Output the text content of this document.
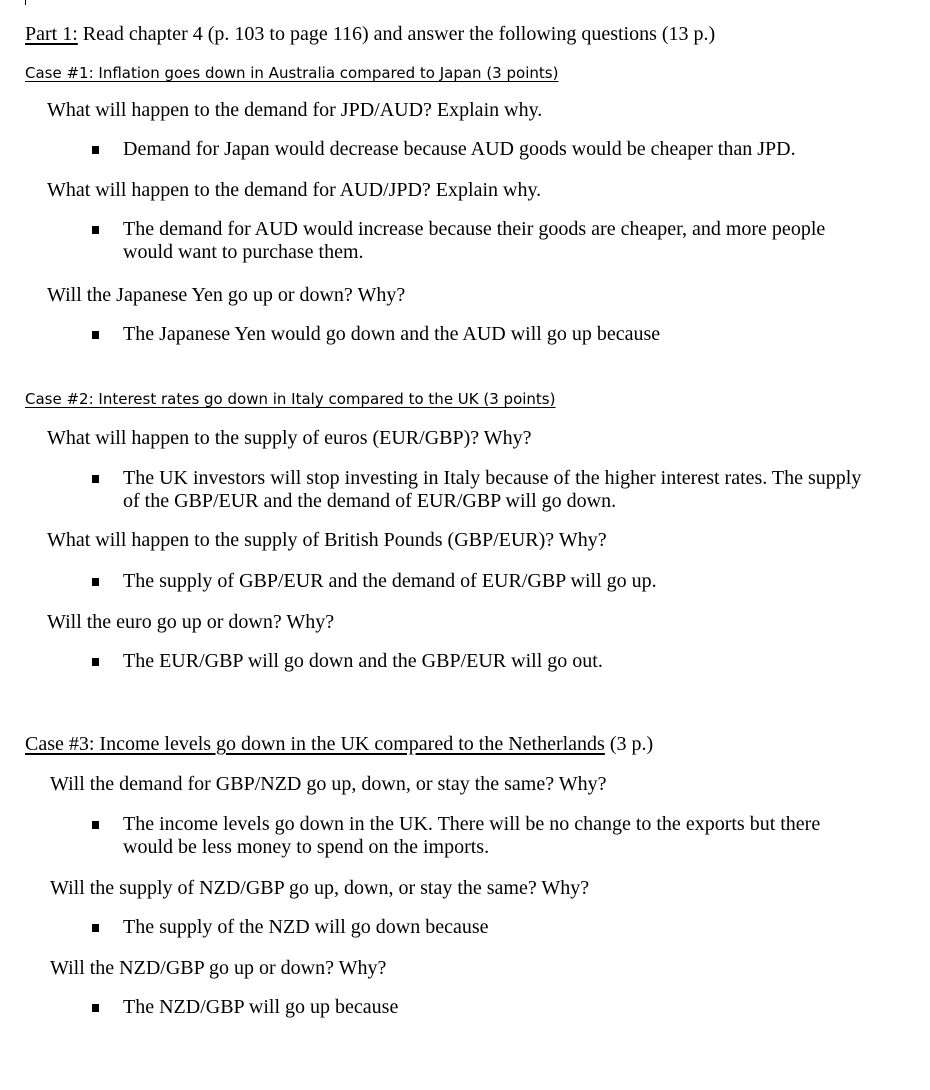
Part 1: Read chapter 4 (p. 103 to page 116) and answer the following questions (13 p.)
Case #1: Inflation goes down in Australia compared to Japan (3 points)
What will happen to the demand for JPD/AUD? Explain why.
Demand for Japan would decrease because AUD goods would be cheaper than JPD.
What will happen to the demand for AUD/JPD? Explain why.
The demand for AUD would increase because their goods are cheaper, and more people would want to purchase them.
Will the Japanese Yen go up or down? Why?
The Japanese Yen would go down and the AUD will go up because
Case #2: Interest rates go down in Italy compared to the UK (3 points)
What will happen to the supply of euros (EUR/GBP)? Why?
The UK investors will stop investing in Italy because of the higher interest rates. The supply of the GBP/EUR and the demand of EUR/GBP will go down.
What will happen to the supply of British Pounds (GBP/EUR)? Why?
The supply of GBP/EUR and the demand of EUR/GBP will go up.
Will the euro go up or down? Why?
The EUR/GBP will go down and the GBP/EUR will go out.
Case #3: Income levels go down in the UK compared to the Netherlands (3 p.)
Will the demand for GBP/NZD go up, down, or stay the same? Why?
The income levels go down in the UK. There will be no change to the exports but there would be less money to spend on the imports.
Will the supply of NZD/GBP go up, down, or stay the same? Why?
The supply of the NZD will go down because
Will the NZD/GBP go up or down? Why?
The NZD/GBP will go up because
